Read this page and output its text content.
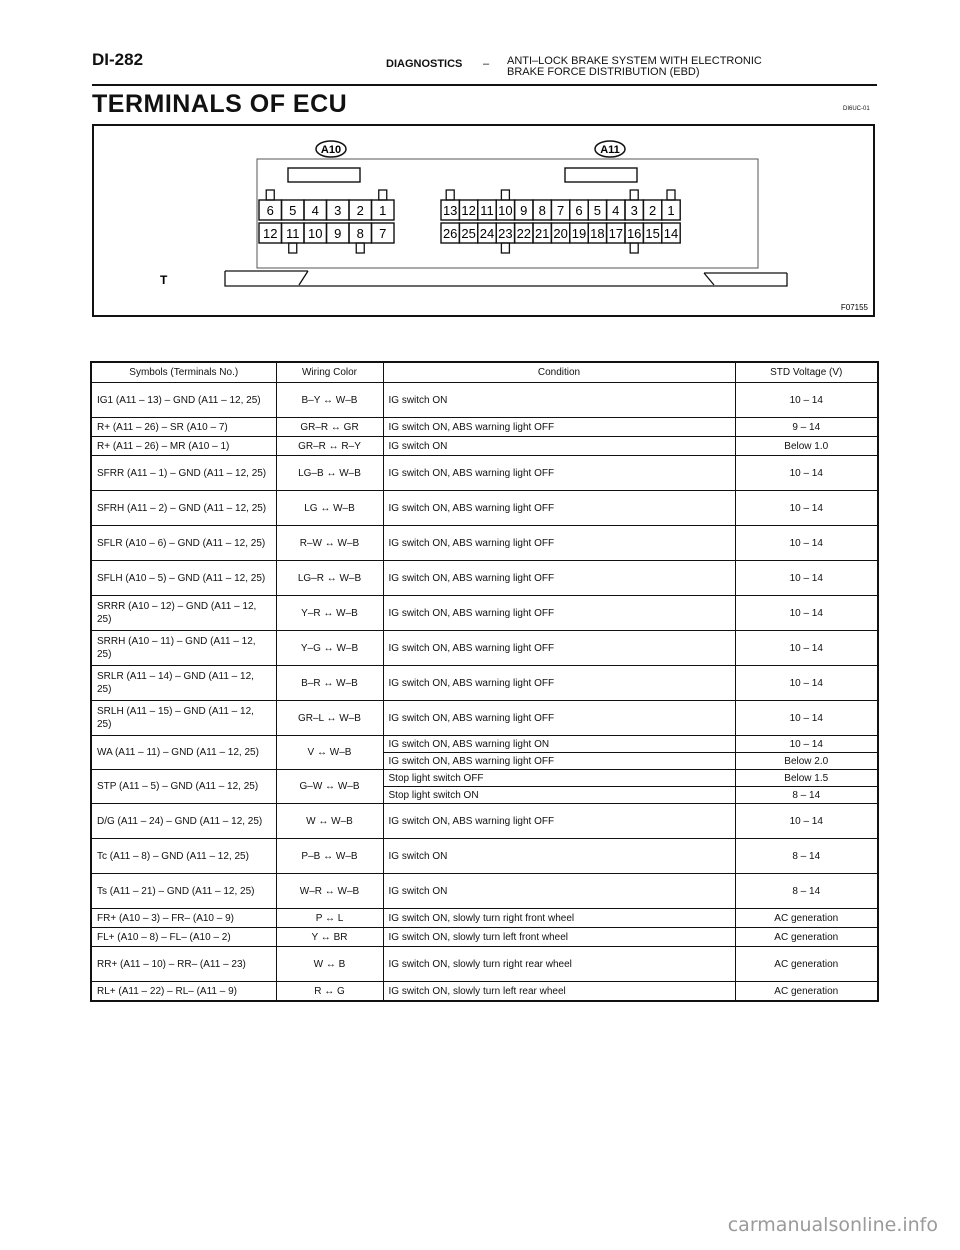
DI-282	DIAGNOSTICS – ANTI–LOCK BRAKE SYSTEM WITH ELECTRONIC
BRAKE FORCE DISTRIBUTION (EBD)
TERMINALS OF ECU	DI6UC-01
A10	A11
6 5 4 3 2 1
12 11 10 9 8 7
13 12 11 10 9 8 7 6 5 4 3 2 1
26 25 24 23 22 21 20 19 18 17 16 15 14
T
F07155
Symbols (Terminals No.)	Wiring Color	Condition	STD Voltage (V)
IG1 (A11 – 13) – GND (A11 – 12, 25)	B–Y ↔ W–B	IG switch ON	10 – 14
R+ (A11 – 26) – SR (A10 – 7)	GR–R ↔ GR	IG switch ON, ABS warning light OFF	9 – 14
R+ (A11 – 26) – MR (A10 – 1)	GR–R ↔ R–Y	IG switch ON	Below 1.0
SFRR (A11 – 1) – GND (A11 – 12, 25)	LG–B ↔ W–B	IG switch ON, ABS warning light OFF	10 – 14
SFRH (A11 – 2) – GND (A11 – 12, 25)	LG ↔ W–B	IG switch ON, ABS warning light OFF	10 – 14
SFLR (A10 – 6) – GND (A11 – 12, 25)	R–W ↔ W–B	IG switch ON, ABS warning light OFF	10 – 14
SFLH (A10 – 5) – GND (A11 – 12, 25)	LG–R ↔ W–B	IG switch ON, ABS warning light OFF	10 – 14
SRRR (A10 – 12) – GND (A11 – 12, 25)	Y–R ↔ W–B	IG switch ON, ABS warning light OFF	10 – 14
SRRH (A10 – 11) – GND (A11 – 12, 25)	Y–G ↔ W–B	IG switch ON, ABS warning light OFF	10 – 14
SRLR (A11 – 14) – GND (A11 – 12, 25)	B–R ↔ W–B	IG switch ON, ABS warning light OFF	10 – 14
SRLH (A11 – 15) – GND (A11 – 12, 25)	GR–L ↔ W–B	IG switch ON, ABS warning light OFF	10 – 14
WA (A11 – 11) – GND (A11 – 12, 25)	V ↔ W–B	IG switch ON, ABS warning light ON	10 – 14
		IG switch ON, ABS warning light OFF	Below 2.0
STP (A11 – 5) – GND (A11 – 12, 25)	G–W ↔ W–B	Stop light switch OFF	Below 1.5
		Stop light switch ON	8 – 14
D/G (A11 – 24) – GND (A11 – 12, 25)	W ↔ W–B	IG switch ON, ABS warning light OFF	10 – 14
Tc (A11 – 8) – GND (A11 – 12, 25)	P–B ↔ W–B	IG switch ON	8 – 14
Ts (A11 – 21) – GND (A11 – 12, 25)	W–R ↔ W–B	IG switch ON	8 – 14
FR+ (A10 – 3) – FR– (A10 – 9)	P ↔ L	IG switch ON, slowly turn right front wheel	AC generation
FL+ (A10 – 8) – FL– (A10 – 2)	Y ↔ BR	IG switch ON, slowly turn left front wheel	AC generation
RR+ (A11 – 10) – RR– (A11 – 23)	W ↔ B	IG switch ON, slowly turn right rear wheel	AC generation
RL+ (A11 – 22) – RL– (A11 – 9)	R ↔ G	IG switch ON, slowly turn left rear wheel	AC generation
carmanualsonline.info
